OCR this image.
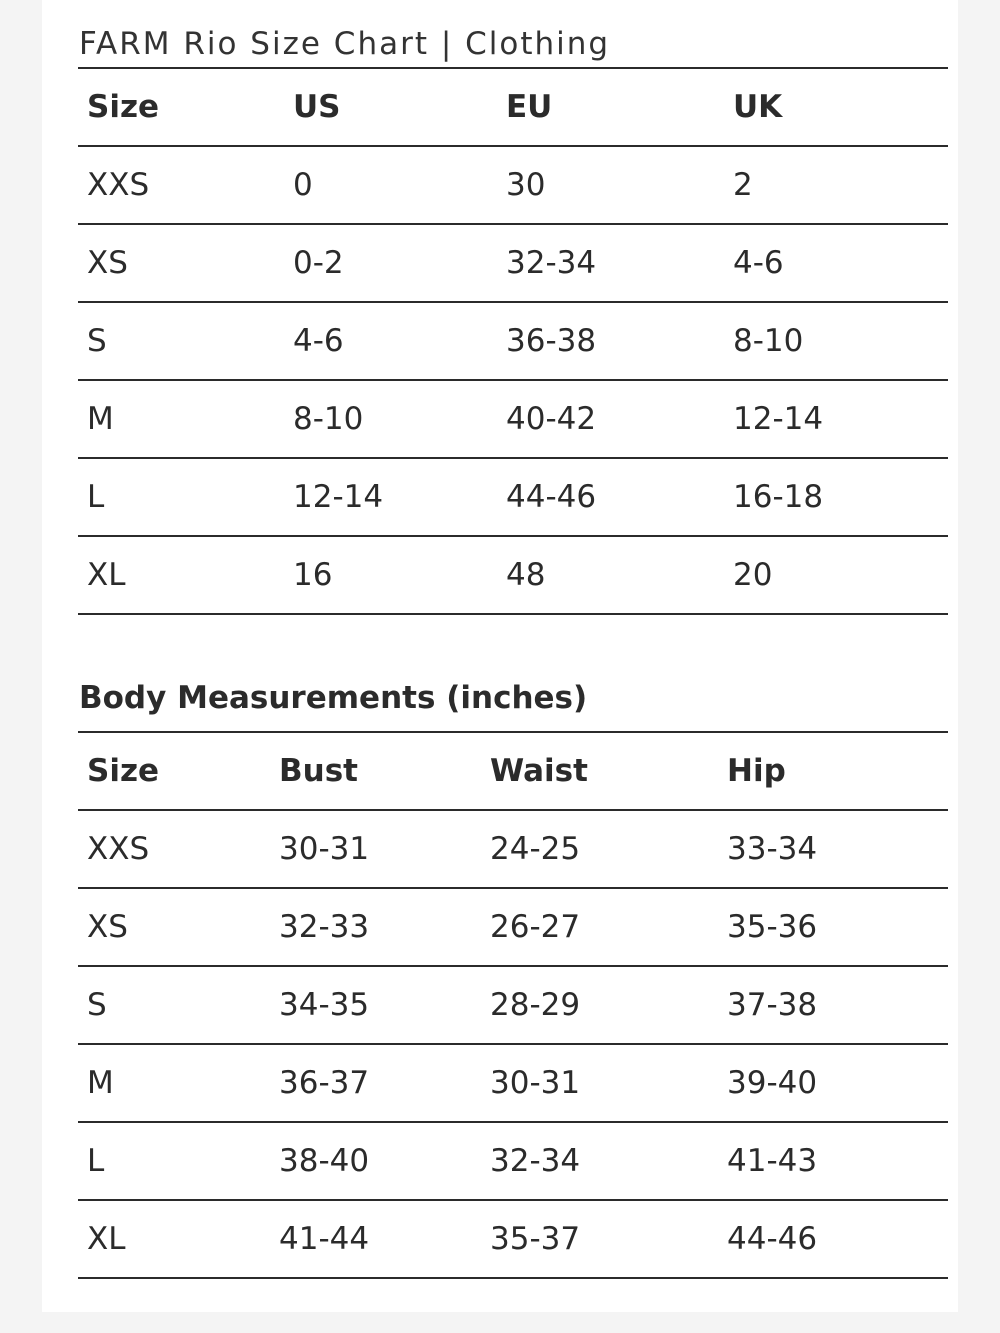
FARM Rio Size Chart | Clothing
Size	US	EU	UK
XXS	0	30	2
XS	0-2	32-34	4-6
S	4-6	36-38	8-10
M	8-10	40-42	12-14
L	12-14	44-46	16-18
XL	16	48	20
Body Measurements (inches)
Size	Bust	Waist	Hip
XXS	30-31	24-25	33-34
XS	32-33	26-27	35-36
S	34-35	28-29	37-38
M	36-37	30-31	39-40
L	38-40	32-34	41-43
XL	41-44	35-37	44-46
